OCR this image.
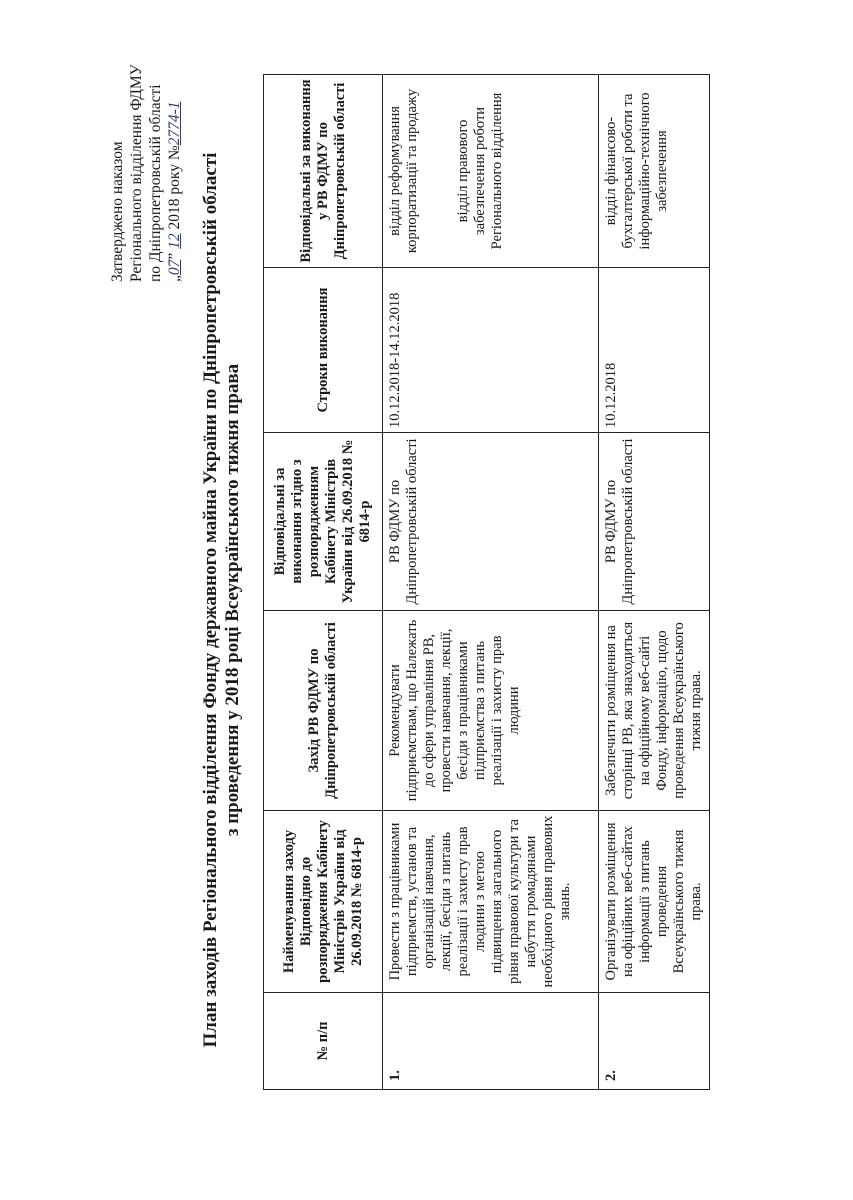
Затверджено наказом Регіонального відділення ФДМУ по Дніпропетровській області „07” 12 2018 року №2774-1
План заходів Регіонального відділення Фонду державного майна України по Дніпропетровській області з проведення у 2018 році Всеукраїнського тижня права
№ п/п	Найменування заходу Відповідно до розпорядження Кабінету Міністрів України від 26.09.2018 № 6814-р	Захід РВ ФДМУ по Дніпропетровській області	Відповідальні за виконання згідно з розпорядженням Кабінету Міністрів України від 26.09.2018 № 6814-р	Строки виконання	Відповідальні за виконання у РВ ФДМУ по Дніпропетровській області
1.	Провести з працівниками підприємств, установ та організацій навчання, лекції, бесіди з питань реалізації і захисту прав людини з метою підвищення загального рівня правової культури та набуття громадянами необхідного рівня правових знань.	Рекомендувати підприємствам, що Належать до сфери управління РВ, провести навчання, лекції, бесіди з працівниками підприємства з питань реалізації і захисту прав людини	РВ ФДМУ по Дніпропетровській області	10.12.2018-14.12.2018	відділ реформування корпоратизації та продажу відділ правового забезпечення роботи Регіонального відділення

2.	Організувати розміщення на офіційних веб-сайтах інформації з питань проведення Всеукраїнського тижня права.	Забезпечити розміщення на сторінці РВ, яка знаходиться на офіційному веб-сайті Фонду, інформацію, щодо проведення Всеукраїнського тижня права.	РВ ФДМУ по Дніпропетровській області	10.12.2018	відділ фінансово-бухгалтерської роботи та інформаційно-технічного забезпечення
